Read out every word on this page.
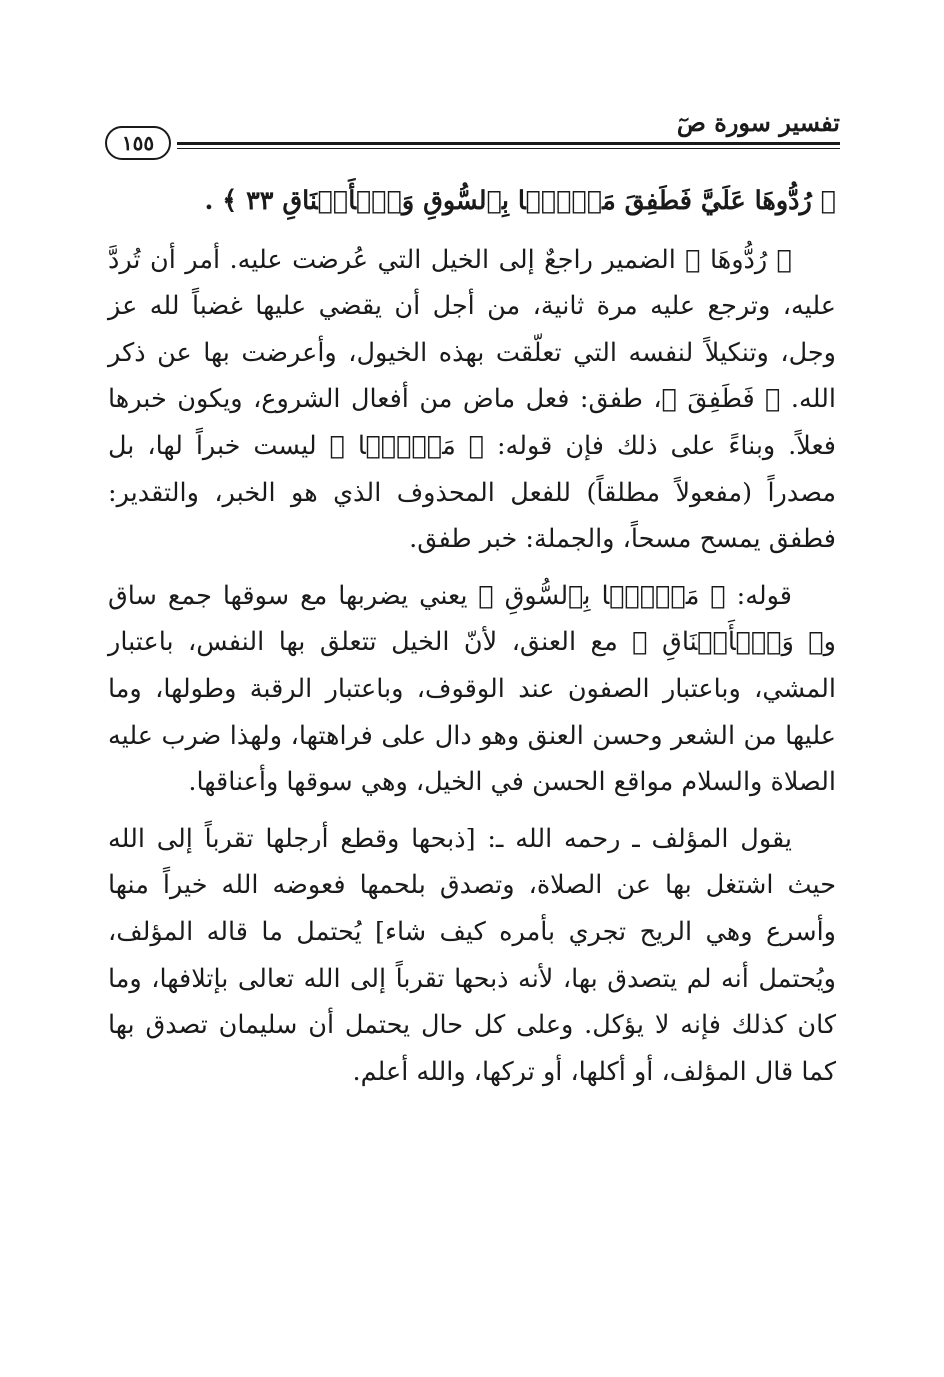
تفسير سورة صٓ
١٥٥

﴿ رُدُّوهَا عَلَيَّ فَطَفِقَ مَسۡحَۢا بِٱلسُّوقِ وَٱلۡأَعۡنَاقِ ٣٣ ﴾ .

﴿ رُدُّوهَا ﴾ الضمير راجعٌ إلى الخيل التي عُرضت عليه. أمر أن تُردَّ عليه، وترجع عليه مرة ثانية، من أجل أن يقضي عليها غضباً لله عز وجل، وتنكيلاً لنفسه التي تعلّقت بهذه الخيول، وأعرضت بها عن ذكر الله. ﴿ فَطَفِقَ ﴾، طفق: فعل ماض من أفعال الشروع، ويكون خبرها فعلاً. وبناءً على ذلك فإن قوله: ﴿ مَسۡحَۢا ﴾ ليست خبراً لها، بل مصدراً (مفعولاً مطلقاً) للفعل المحذوف الذي هو الخبر، والتقدير: فطفق يمسح مسحاً، والجملة: خبر طفق.

قوله: ﴿ مَسۡحَۢا بِٱلسُّوقِ ﴾ يعني يضربها مع سوقها جمع ساق و﴿ وَٱلۡأَعۡنَاقِ ﴾ مع العنق، لأنّ الخيل تتعلق بها النفس، باعتبار المشي، وباعتبار الصفون عند الوقوف، وباعتبار الرقبة وطولها، وما عليها من الشعر وحسن العنق وهو دال على فراهتها، ولهذا ضرب عليه الصلاة والسلام مواقع الحسن في الخيل، وهي سوقها وأعناقها.

يقول المؤلف ـ رحمه الله ـ: [ذبحها وقطع أرجلها تقرباً إلى الله حيث اشتغل بها عن الصلاة، وتصدق بلحمها فعوضه الله خيراً منها وأسرع وهي الريح تجري بأمره كيف شاء] يُحتمل ما قاله المؤلف، ويُحتمل أنه لم يتصدق بها، لأنه ذبحها تقرباً إلى الله تعالى بإتلافها، وما كان كذلك فإنه لا يؤكل. وعلى كل حال يحتمل أن سليمان تصدق بها كما قال المؤلف، أو أكلها، أو تركها، والله أعلم.
